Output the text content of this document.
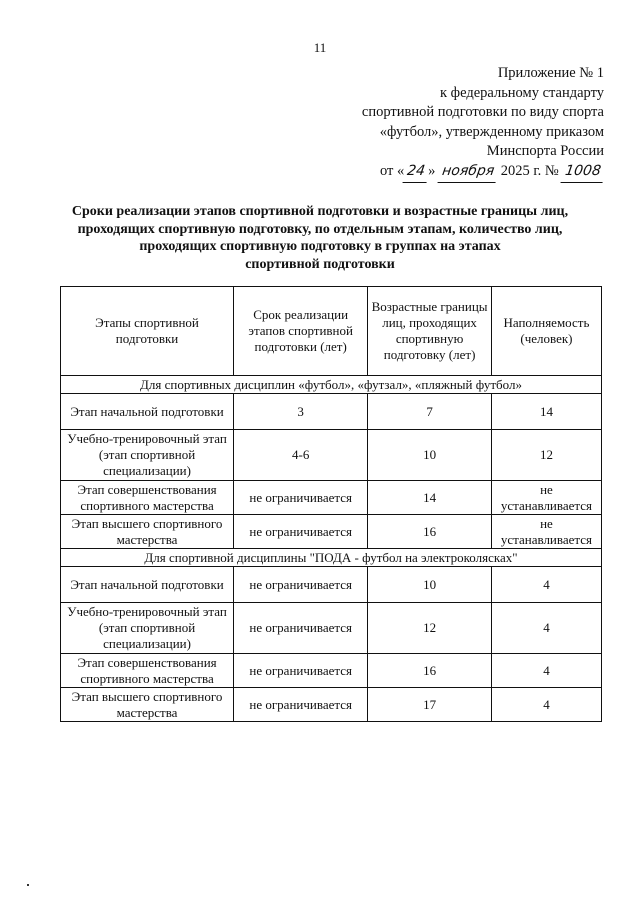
11
Приложение № 1
к федеральному стандарту
спортивной подготовки по виду спорта
«футбол», утвержденному приказом
Минспорта России
от « 24 » ноября 2025 г. № 1008
Сроки реализации этапов спортивной подготовки и возрастные границы лиц,
проходящих спортивную подготовку, по отдельным этапам, количество лиц,
проходящих спортивную подготовку в группах на этапах
спортивной подготовки
Этапы спортивной подготовки	Срок реализации этапов спортивной подготовки (лет)	Возрастные границы лиц, проходящих спортивную подготовку (лет)	Наполняемость (человек)
Для спортивных дисциплин «футбол», «футзал», «пляжный футбол»			
Этап начальной подготовки	3	7	14
Учебно-тренировочный этап (этап спортивной специализации)	4-6	10	12
Этап совершенствования спортивного мастерства	не ограничивается	14	не устанавливается
Этап высшего спортивного мастерства	не ограничивается	16	не устанавливается
Для спортивной дисциплины "ПОДА - футбол на электроколясках"			
Этап начальной подготовки	не ограничивается	10	4
Учебно-тренировочный этап (этап спортивной специализации)	не ограничивается	12	4
Этап совершенствования спортивного мастерства	не ограничивается	16	4
Этап высшего спортивного мастерства	не ограничивается	17	4
